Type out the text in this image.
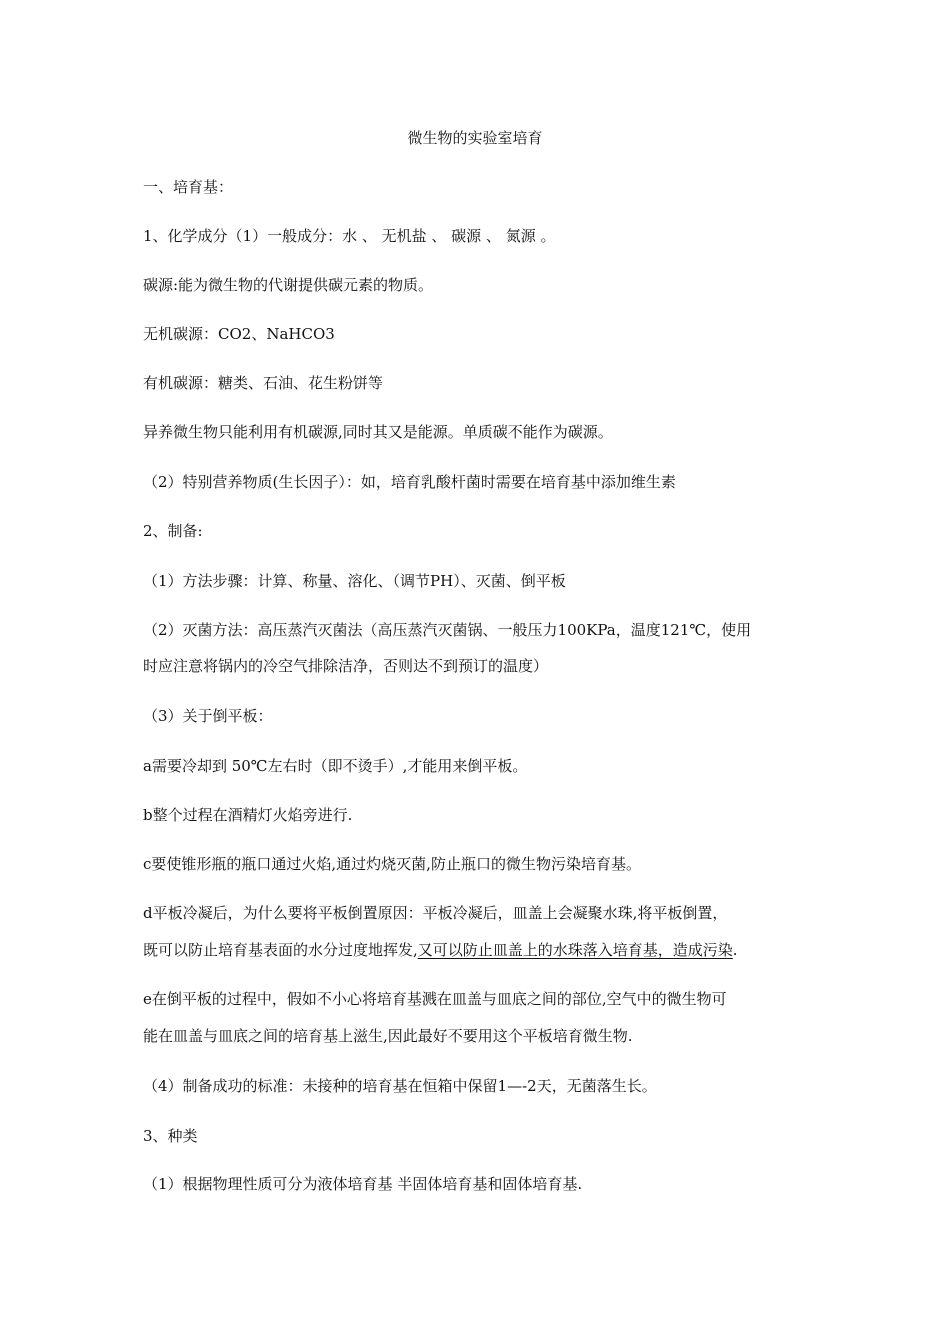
微生物的实验室培育
一、培育基：
1、化学成分（1）一般成分：水 、 无机盐 、 碳源 、 氮源 。
碳源:能为微生物的代谢提供碳元素的物质。
无机碳源：CO2、NaHCO3
有机碳源：糖类、石油、花生粉饼等
异养微生物只能利用有机碳源,同时其又是能源。单质碳不能作为碳源。
（2）特别营养物质(生长因子）：如，培育乳酸杆菌时需要在培育基中添加维生素
2、制备:
（1）方法步骤：计算、称量、溶化、（调节PH）、灭菌、倒平板
（2）灭菌方法：高压蒸汽灭菌法（高压蒸汽灭菌锅、一般压力100KPa，温度121℃，使用
时应注意将锅内的冷空气排除洁净，否则达不到预订的温度）
（3）关于倒平板：
a需要冷却到 50℃左右时（即不烫手）,才能用来倒平板。
b整个过程在酒精灯火焰旁进行.
c要使锥形瓶的瓶口通过火焰,通过灼烧灭菌,防止瓶口的微生物污染培育基。
d平板冷凝后，为什么要将平板倒置原因：平板冷凝后，皿盖上会凝聚水珠,将平板倒置，
既可以防止培育基表面的水分过度地挥发,又可以防止皿盖上的水珠落入培育基，造成污染.
e在倒平板的过程中，假如不小心将培育基溅在皿盖与皿底之间的部位,空气中的微生物可
能在皿盖与皿底之间的培育基上滋生,因此最好不要用这个平板培育微生物.
（4）制备成功的标准：未接种的培育基在恒箱中保留1—-2天，无菌落生长。
3、种类
（1）根据物理性质可分为液体培育基 半固体培育基和固体培育基.
